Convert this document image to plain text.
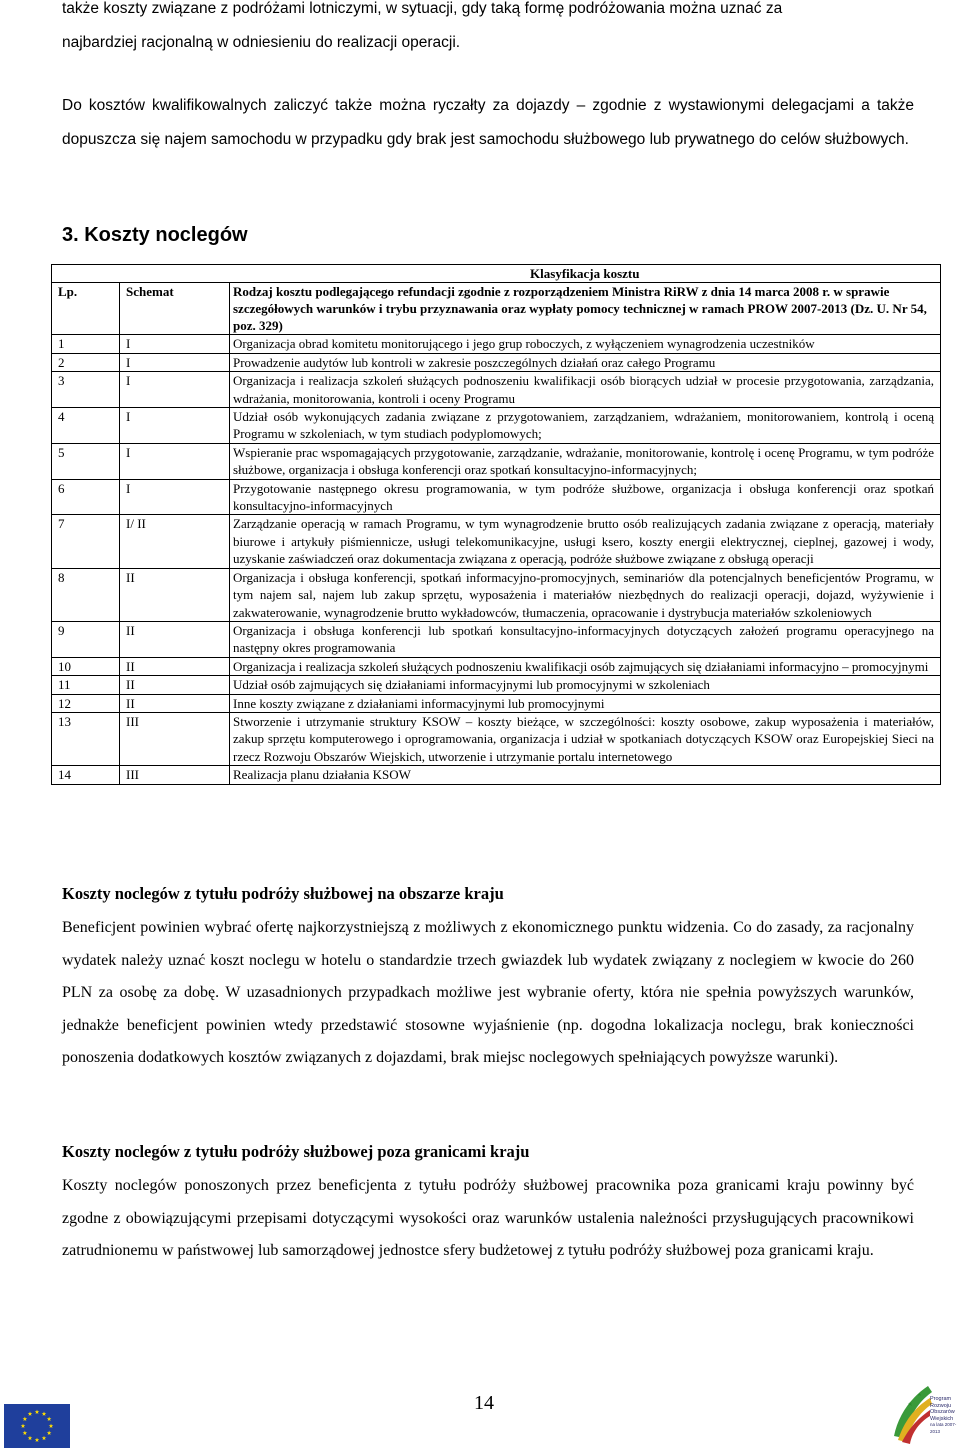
także koszty związane z podróżami lotniczymi, w sytuacji, gdy taką formę podróżowania można uznać za
najbardziej racjonalną w odniesieniu do realizacji operacji.
Do kosztów kwalifikowalnych zaliczyć także można ryczałty za dojazdy – zgodnie z wystawionymi delegacjami a także dopuszcza się najem samochodu w przypadku gdy brak jest samochodu służbowego lub prywatnego do celów służbowych.
3. Koszty noclegów
		Klasyfikacja kosztu
Lp.	Schemat	Rodzaj kosztu podlegającego refundacji zgodnie z rozporządzeniem Ministra RiRW z dnia 14 marca 2008 r. w sprawie szczegółowych warunków i trybu przyznawania oraz wypłaty pomocy technicznej w ramach PROW 2007-2013 (Dz. U. Nr 54, poz. 329)
1	I	Organizacja obrad komitetu monitorującego i jego grup roboczych, z wyłączeniem wynagrodzenia uczestników
2	I	Prowadzenie audytów lub kontroli w zakresie poszczególnych działań oraz całego Programu
3	I	Organizacja i realizacja szkoleń służących podnoszeniu kwalifikacji osób biorących udział w procesie przygotowania, zarządzania, wdrażania, monitorowania, kontroli i oceny Programu
4	I	Udział osób wykonujących zadania związane z przygotowaniem, zarządzaniem, wdrażaniem, monitorowaniem, kontrolą i oceną Programu w szkoleniach, w tym studiach podyplomowych;
5	I	Wspieranie prac wspomagających przygotowanie, zarządzanie, wdrażanie, monitorowanie, kontrolę i ocenę Programu, w tym podróże służbowe, organizacja i obsługa konferencji oraz spotkań konsultacyjno-informacyjnych;
6	I	Przygotowanie następnego okresu programowania, w tym podróże służbowe, organizacja i obsługa konferencji oraz spotkań konsultacyjno-informacyjnych
7	I/ II	Zarządzanie operacją w ramach Programu, w tym wynagrodzenie brutto osób realizujących zadania związane z operacją, materiały biurowe i artykuły piśmiennicze, usługi telekomunikacyjne, usługi ksero, koszty energii elektrycznej, cieplnej, gazowej i wody, uzyskanie zaświadczeń oraz dokumentacja związana z operacją, podróże służbowe związane z obsługą operacji
8	II	Organizacja i obsługa konferencji, spotkań informacyjno-promocyjnych, seminariów dla potencjalnych beneficjentów Programu, w tym najem sal, najem lub zakup sprzętu, wyposażenia i materiałów niezbędnych do realizacji operacji, dojazd, wyżywienie i zakwaterowanie, wynagrodzenie brutto wykładowców, tłumaczenia, opracowanie i dystrybucja materiałów szkoleniowych
9	II	Organizacja i obsługa konferencji lub spotkań konsultacyjno-informacyjnych dotyczących założeń programu operacyjnego na następny okres programowania
10	II	Organizacja i realizacja szkoleń służących podnoszeniu kwalifikacji osób zajmujących się działaniami informacyjno – promocyjnymi
11	II	Udział osób zajmujących się działaniami informacyjnymi lub promocyjnymi w szkoleniach
12	II	Inne koszty związane z działaniami informacyjnymi lub promocyjnymi
13	III	Stworzenie i utrzymanie struktury KSOW – koszty bieżące, w szczególności: koszty osobowe, zakup wyposażenia i materiałów, zakup sprzętu komputerowego i oprogramowania, organizacja i udział w spotkaniach dotyczących KSOW oraz Europejskiej Sieci na rzecz Rozwoju Obszarów Wiejskich, utworzenie i utrzymanie portalu internetowego
14	III	Realizacja planu działania KSOW
Koszty noclegów z tytułu podróży służbowej na obszarze kraju
Beneficjent powinien wybrać ofertę najkorzystniejszą z możliwych z ekonomicznego punktu widzenia. Co do zasady, za racjonalny wydatek należy uznać koszt noclegu w hotelu o standardzie trzech gwiazdek lub wydatek związany z noclegiem w kwocie do 260 PLN za osobę za dobę. W uzasadnionych przypadkach możliwe jest wybranie oferty, która nie spełnia powyższych warunków, jednakże beneficjent powinien wtedy przedstawić stosowne wyjaśnienie (np. dogodna lokalizacja noclegu, brak konieczności ponoszenia dodatkowych kosztów związanych z dojazdami, brak miejsc noclegowych spełniających powyższe warunki).
Koszty noclegów z tytułu podróży służbowej poza granicami kraju
Koszty noclegów ponoszonych przez beneficjenta z tytułu podróży służbowej pracownika poza granicami kraju powinny być zgodne z obowiązującymi przepisami dotyczącymi wysokości oraz warunków ustalenia należności przysługujących pracownikowi zatrudnionemu w państwowej lub samorządowej jednostce sfery budżetowej z tytułu podróży służbowej poza granicami kraju.
14	Program
Rozwoju
Obszarów
Wiejskich
na lata 2007-2013
